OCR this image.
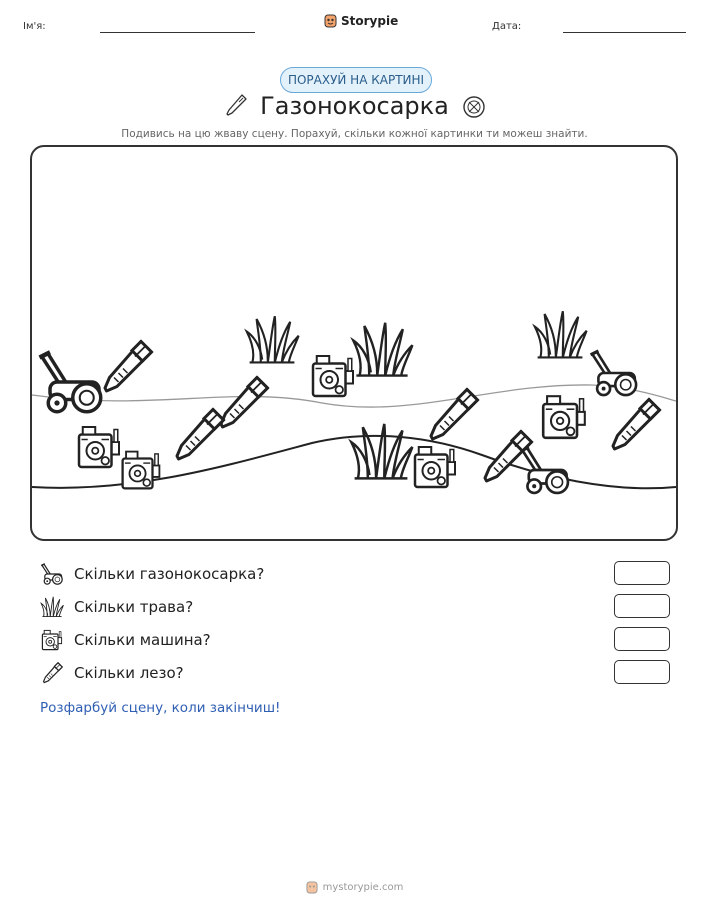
Ім'я:	Storypie	Дата:
ПОРАХУЙ НА КАРТИНІ
Газонокосарка
Подивись на цю жваву сцену. Порахуй, скільки кожної картинки ти можеш знайти.
Скільки газонокосарка?
Скільки трава?
Скільки машина?
Скільки лезо?
Розфарбуй сцену, коли закінчиш!
mystorypie.com
